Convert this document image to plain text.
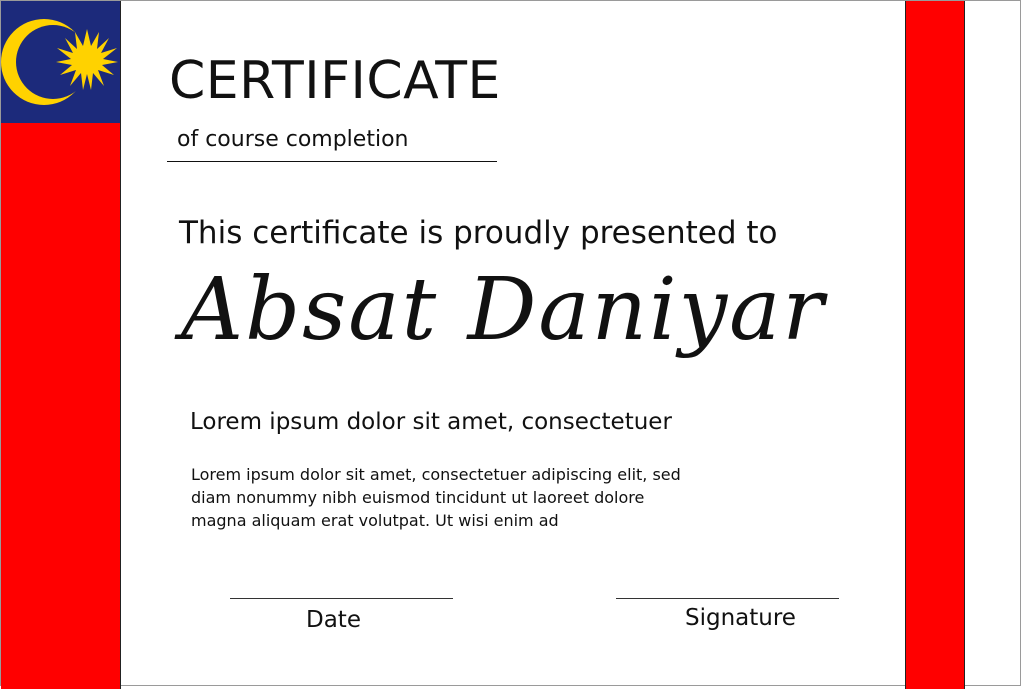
CERTIFICATE

of course completion

This certificate is proudly presented to

Absat Daniyar

Lorem ipsum dolor sit amet, consectetuer

Lorem ipsum dolor sit amet, consectetuer adipiscing elit, sed
diam nonummy nibh euismod tincidunt ut laoreet dolore
magna aliquam erat volutpat. Ut wisi enim ad

Date	Signature
